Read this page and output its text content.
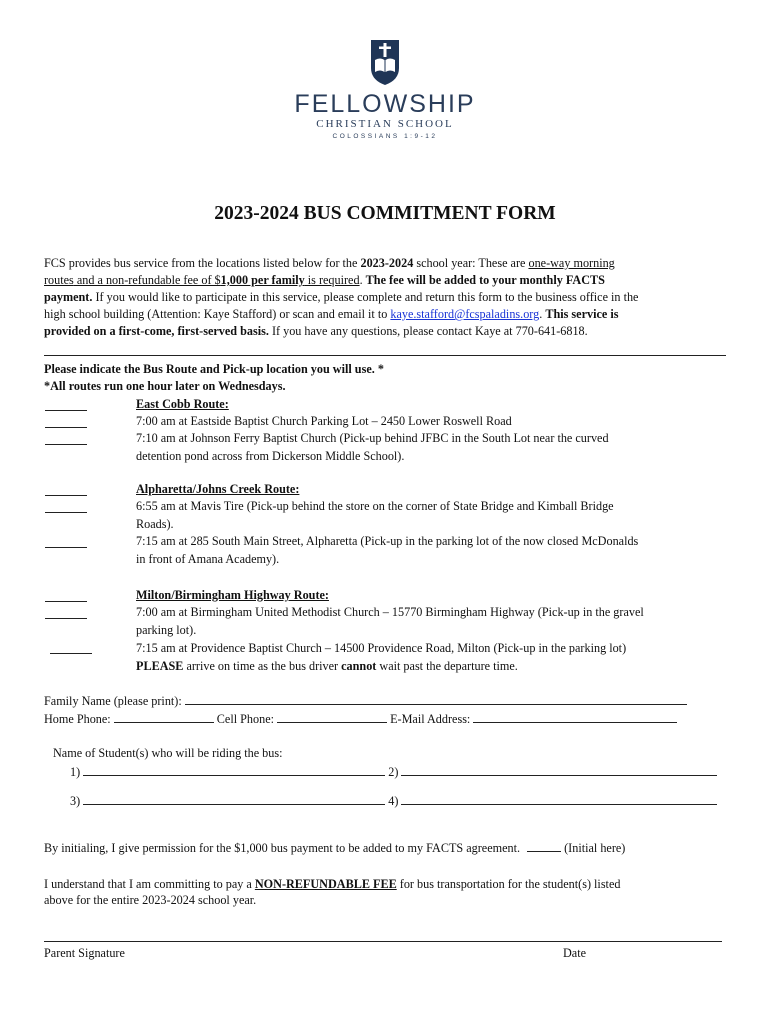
FELLOWSHIP
CHRISTIAN SCHOOL
COLOSSIANS 1:9-12
2023-2024 BUS COMMITMENT FORM
FCS provides bus service from the locations listed below for the 2023-2024 school year: These are one-way morning
routes and a non-refundable fee of $1,000 per family is required. The fee will be added to your monthly FACTS
payment. If you would like to participate in this service, please complete and return this form to the business office in the
high school building (Attention: Kaye Stafford) or scan and email it to kaye.stafford@fcspaladins.org. This service is
provided on a first-come, first-served basis. If you have any questions, please contact Kaye at 770-641-6818.
Please indicate the Bus Route and Pick-up location you will use. *
*All routes run one hour later on Wednesdays.
East Cobb Route:
7:00 am at Eastside Baptist Church Parking Lot – 2450 Lower Roswell Road
7:10 am at Johnson Ferry Baptist Church (Pick-up behind JFBC in the South Lot near the curved
detention pond across from Dickerson Middle School).
Alpharetta/Johns Creek Route:
6:55 am at Mavis Tire (Pick-up behind the store on the corner of State Bridge and Kimball Bridge
Roads).
7:15 am at 285 South Main Street, Alpharetta (Pick-up in the parking lot of the now closed McDonalds
in front of Amana Academy).
Milton/Birmingham Highway Route:
7:00 am at Birmingham United Methodist Church – 15770 Birmingham Highway (Pick-up in the gravel
parking lot).
7:15 am at Providence Baptist Church – 14500 Providence Road, Milton (Pick-up in the parking lot)
PLEASE arrive on time as the bus driver cannot wait past the departure time.
Family Name (please print):
Home Phone:	Cell Phone:	E-Mail Address:
Name of Student(s) who will be riding the bus:
1)	2)
3)	4)
By initialing, I give permission for the $1,000 bus payment to be added to my FACTS agreement.	(Initial here)
I understand that I am committing to pay a NON-REFUNDABLE FEE for bus transportation for the student(s) listed
above for the entire 2023-2024 school year.
Parent Signature	Date
